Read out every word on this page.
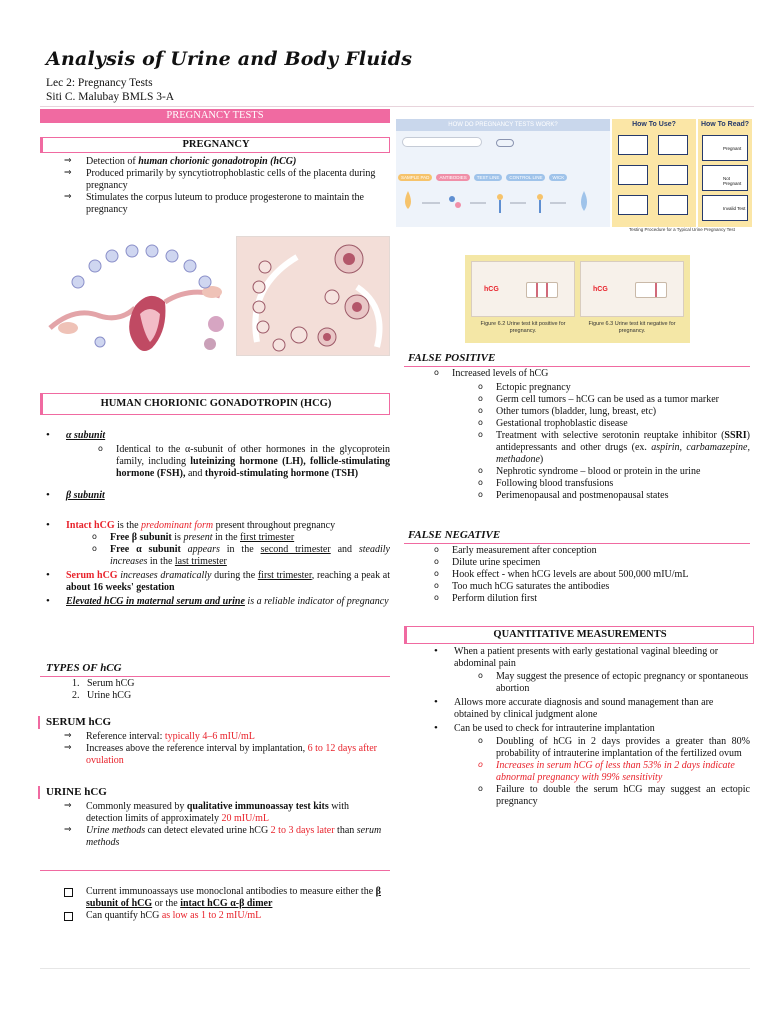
Analysis of Urine and Body Fluids
Lec 2: Pregnancy Tests
Siti C. Malubay BMLS 3-A
PREGNANCY TESTS
PREGNANCY
⇒ Detection of human chorionic gonadotropin (hCG)
⇒ Produced primarily by syncytiotrophoblastic cells of the placenta during pregnancy
⇒ Stimulates the corpus luteum to produce progesterone to maintain the pregnancy
HUMAN CHORIONIC GONADOTROPIN (HCG)
• α subunit
o Identical to the α-subunit of other hormones in the glycoprotein family, including luteinizing hormone (LH), follicle-stimulating hormone (FSH), and thyroid-stimulating hormone (TSH)
• β subunit
• Intact hCG is the predominant form present throughout pregnancy
o Free β subunit is present in the first trimester
o Free α subunit appears in the second trimester and steadily increases in the last trimester
• Serum hCG increases dramatically during the first trimester, reaching a peak at about 16 weeks' gestation
• Elevated hCG in maternal serum and urine is a reliable indicator of pregnancy
TYPES OF hCG
1.   Serum hCG
2.   Urine hCG
SERUM hCG
⇒ Reference interval: typically 4–6 mIU/mL
⇒ Increases above the reference interval by implantation, 6 to 12 days after ovulation
URINE hCG
⇒ Commonly measured by qualitative immunoassay test kits with detection limits of approximately 20 mIU/mL
⇒ Urine methods can detect elevated urine hCG 2 to 3 days later than serum methods
Current immunoassays use monoclonal antibodies to measure either the β subunit of hCG or the intact hCG α-β dimer
Can quantify hCG as low as 1 to 2 mIU/mL
HOW DO PREGNANCY TESTS WORK?
SAMPLE PAD	ANTIBODIES	TEST LINE	CONTROL LINE	WICK
How To Use?	How To Read?
Pregnant
Not Pregnant
Invalid Test
Testing Procedure for a Typical Urine Pregnancy Test
hCG	hCG
Figure 6.2 Urine test kit positive for pregnancy.
Figure 6.3 Urine test kit negative for pregnancy.
FALSE POSITIVE
o Increased levels of hCG
o Ectopic pregnancy
o Germ cell tumors – hCG can be used as a tumor marker
o Other tumors (bladder, lung, breast, etc)
o Gestational trophoblastic disease
o Treatment with selective serotonin reuptake inhibitor (SSRI) antidepressants and other drugs (ex. aspirin, carbamazepine, methadone)
o Nephrotic syndrome – blood or protein in the urine
o Following blood transfusions
o Perimenopausal and postmenopausal states
FALSE NEGATIVE
o Early measurement after conception
o Dilute urine specimen
o Hook effect - when hCG levels are about 500,000 mIU/mL
o Too much hCG saturates the antibodies
o Perform dilution first
QUANTITATIVE MEASUREMENTS
• When a patient presents with early gestational vaginal bleeding or abdominal pain
o May suggest the presence of ectopic pregnancy or spontaneous abortion
• Allows more accurate diagnosis and sound management than are obtained by clinical judgment alone
• Can be used to check for intrauterine implantation
o Doubling of hCG in 2 days provides a greater than 80% probability of intrauterine implantation of the fertilized ovum
o Increases in serum hCG of less than 53% in 2 days indicate abnormal pregnancy with 99% sensitivity
o Failure to double the serum hCG may suggest an ectopic pregnancy
